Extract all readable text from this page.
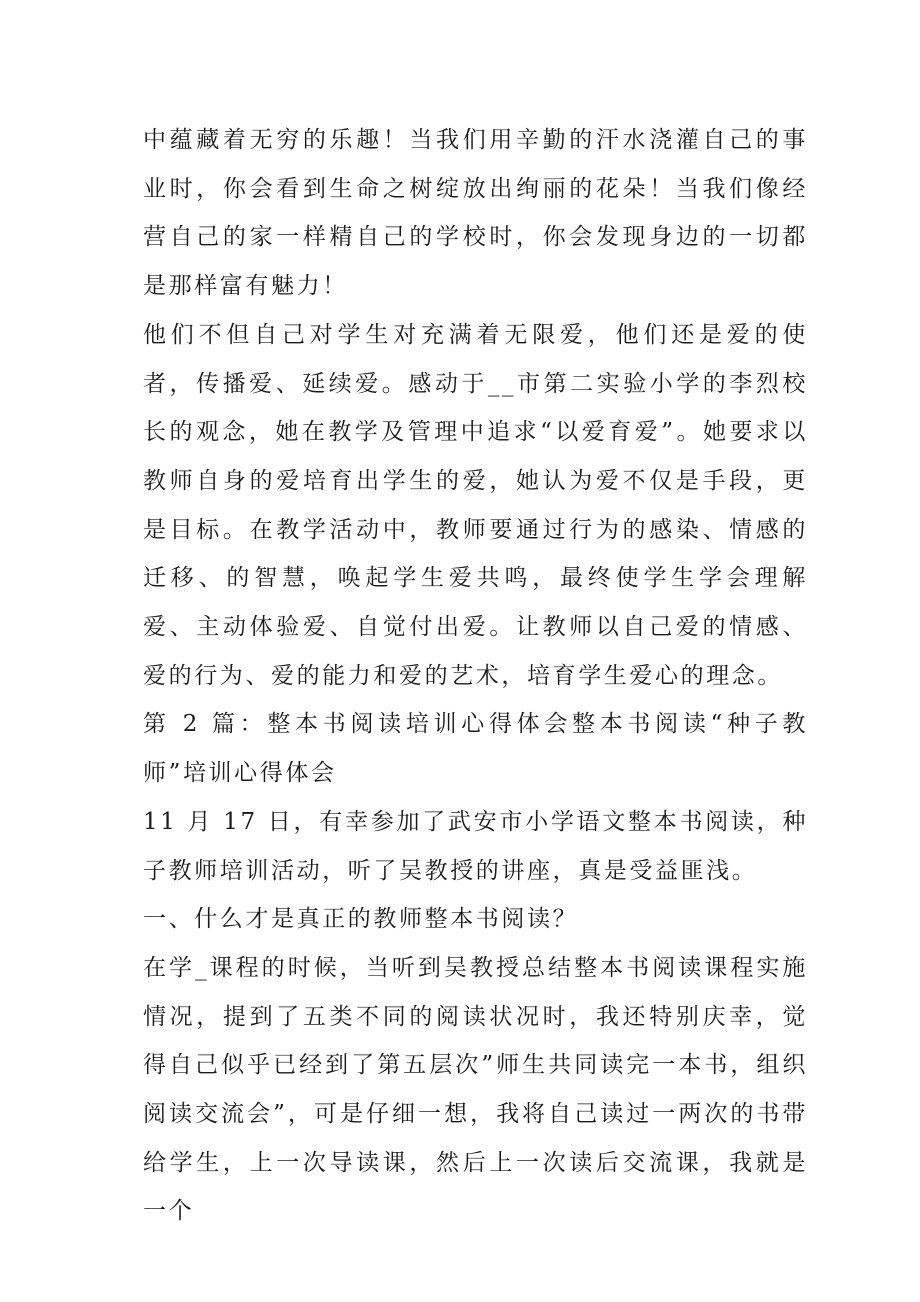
中蕴藏着无穷的乐趣！当我们用辛勤的汗水浇灌自己的事业时，你会看到生命之树绽放出绚丽的花朵！当我们像经营自己的家一样精自己的学校时，你会发现身边的一切都是那样富有魅力！

他们不但自己对学生对充满着无限爱，他们还是爱的使者，传播爱、延续爱。感动于__市第二实验小学的李烈校长的观念，她在教学及管理中追求“以爱育爱”。她要求以教师自身的爱培育出学生的爱，她认为爱不仅是手段，更是目标。在教学活动中，教师要通过行为的感染、情感的迁移、的智慧，唤起学生爱共鸣，最终使学生学会理解爱、主动体验爱、自觉付出爱。让教师以自己爱的情感、爱的行为、爱的能力和爱的艺术，培育学生爱心的理念。

第 2 篇：整本书阅读培训心得体会整本书阅读“种子教师”培训心得体会

11 月 17 日，有幸参加了武安市小学语文整本书阅读，种子教师培训活动，听了吴教授的讲座，真是受益匪浅。

一、什么才是真正的教师整本书阅读？

在学_课程的时候，当听到吴教授总结整本书阅读课程实施情况，提到了五类不同的阅读状况时，我还特别庆幸，觉得自己似乎已经到了第五层次”师生共同读完一本书，组织阅读交流会”，可是仔细一想，我将自己读过一两次的书带给学生，上一次导读课，然后上一次读后交流课，我就是一个
